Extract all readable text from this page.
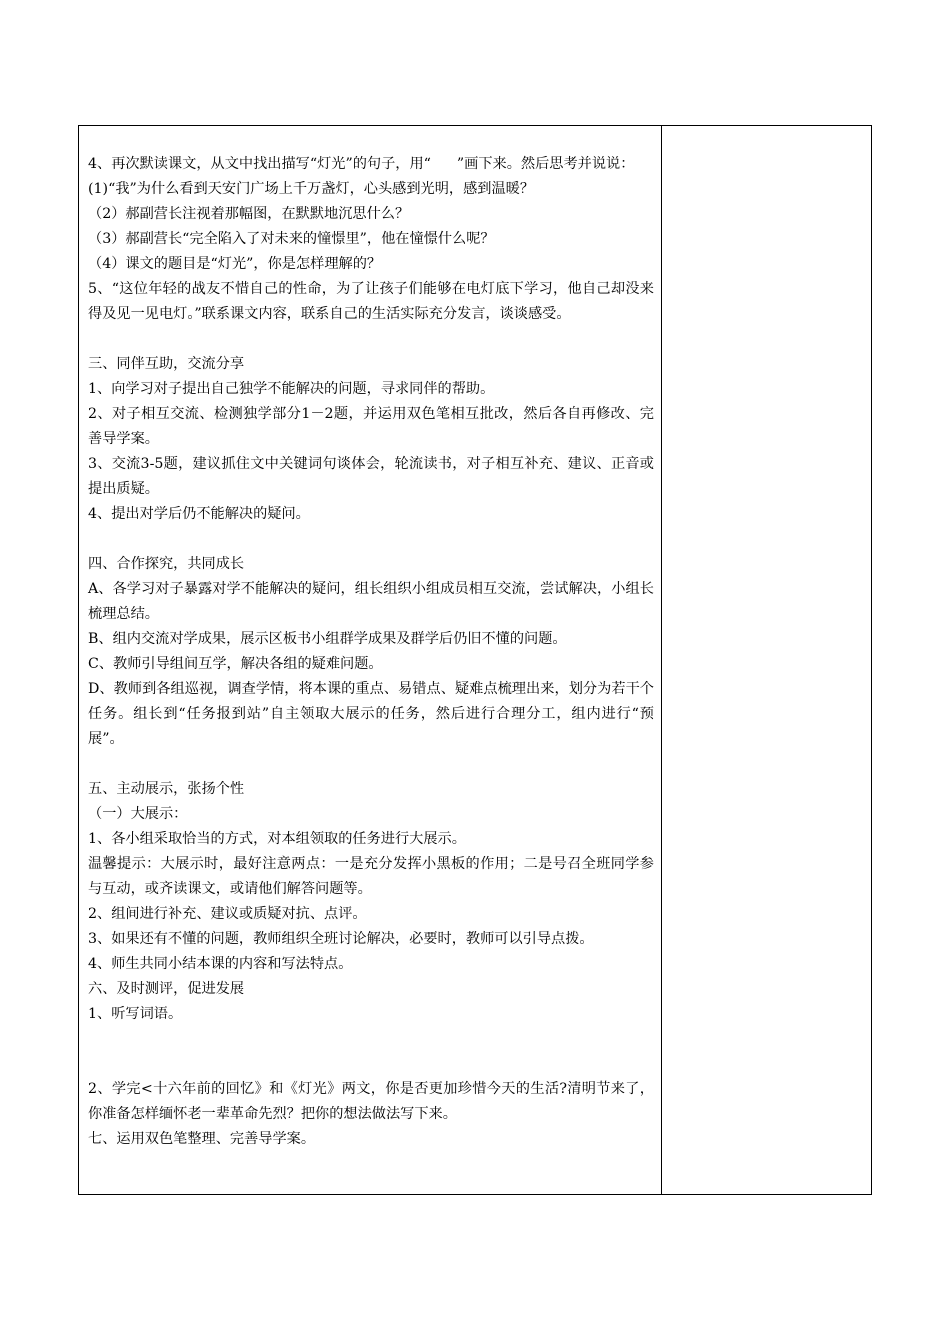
4、再次默读课文，从文中找出描写“灯光”的句子，用“ ”画下来。然后思考并说说：

(1)“我”为什么看到天安门广场上千万盏灯，心头感到光明，感到温暖？

（2）郝副营长注视着那幅图，在默默地沉思什么？

（3）郝副营长“完全陷入了对未来的憧憬里”，他在憧憬什么呢？

（4）课文的题目是“灯光”，你是怎样理解的？

5、“这位年轻的战友不惜自己的性命，为了让孩子们能够在电灯底下学习，他自己却没来得及见一见电灯。”联系课文内容，联系自己的生活实际充分发言，谈谈感受。

三、同伴互助，交流分享

1、向学习对子提出自己独学不能解决的问题，寻求同伴的帮助。

2、对子相互交流、检测独学部分1－2题，并运用双色笔相互批改，然后各自再修改、完善导学案。

3、交流3-5题，建议抓住文中关键词句谈体会，轮流读书，对子相互补充、建议、正音或提出质疑。

4、提出对学后仍不能解决的疑问。

四、合作探究，共同成长

A、各学习对子暴露对学不能解决的疑问，组长组织小组成员相互交流，尝试解决，小组长梳理总结。

B、组内交流对学成果，展示区板书小组群学成果及群学后仍旧不懂的问题。

C、教师引导组间互学，解决各组的疑难问题。

D、教师到各组巡视，调查学情，将本课的重点、易错点、疑难点梳理出来，划分为若干个任务。组长到“任务报到站”自主领取大展示的任务，然后进行合理分工，组内进行“预展”。

五、主动展示，张扬个性

（一）大展示：

1、各小组采取恰当的方式，对本组领取的任务进行大展示。

温馨提示：大展示时，最好注意两点：一是充分发挥小黑板的作用；二是号召全班同学参与互动，或齐读课文，或请他们解答问题等。

2、组间进行补充、建议或质疑对抗、点评。

3、如果还有不懂的问题，教师组织全班讨论解决，必要时，教师可以引导点拨。

4、师生共同小结本课的内容和写法特点。

六、及时测评，促进发展

1、听写词语。

2、学完<十六年前的回忆》和《灯光》两文，你是否更加珍惜今天的生活?清明节来了，你准备怎样缅怀老一辈革命先烈？把你的想法做法写下来。

七、运用双色笔整理、完善导学案。
